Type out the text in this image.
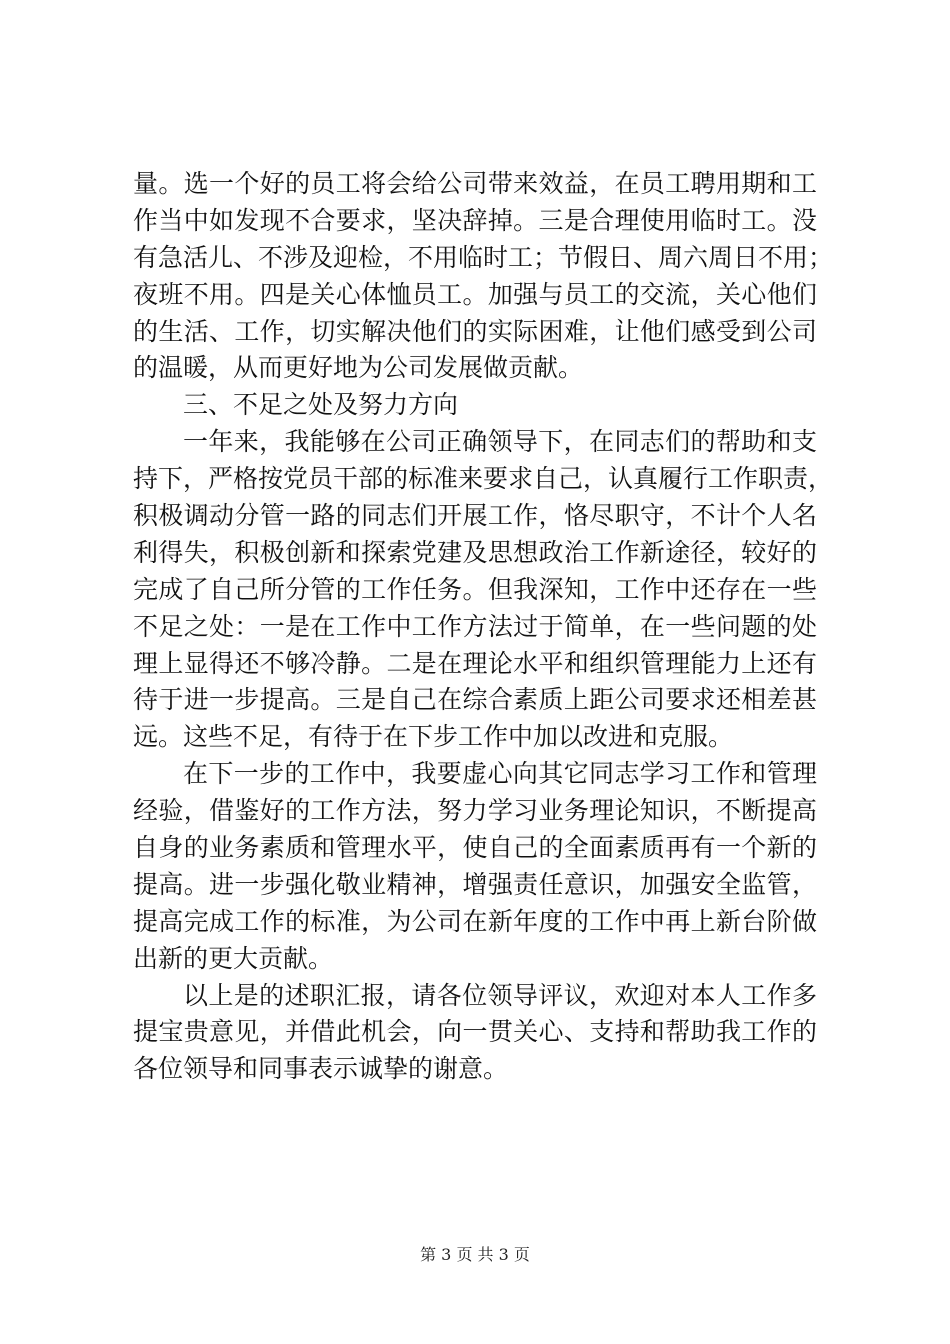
量。选一个好的员工将会给公司带来效益，在员工聘用期和工
作当中如发现不合要求，坚决辞掉。三是合理使用临时工。没
有急活儿、不涉及迎检，不用临时工；节假日、周六周日不用；
夜班不用。四是关心体恤员工。加强与员工的交流，关心他们
的生活、工作，切实解决他们的实际困难，让他们感受到公司
的温暖，从而更好地为公司发展做贡献。
三、不足之处及努力方向
一年来，我能够在公司正确领导下，在同志们的帮助和支
持下，严格按党员干部的标准来要求自己，认真履行工作职责，
积极调动分管一路的同志们开展工作，恪尽职守，不计个人名
利得失，积极创新和探索党建及思想政治工作新途径，较好的
完成了自己所分管的工作任务。但我深知，工作中还存在一些
不足之处：一是在工作中工作方法过于简单，在一些问题的处
理上显得还不够冷静。二是在理论水平和组织管理能力上还有
待于进一步提高。三是自己在综合素质上距公司要求还相差甚
远。这些不足，有待于在下步工作中加以改进和克服。
在下一步的工作中，我要虚心向其它同志学习工作和管理
经验，借鉴好的工作方法，努力学习业务理论知识，不断提高
自身的业务素质和管理水平，使自己的全面素质再有一个新的
提高。进一步强化敬业精神，增强责任意识，加强安全监管，
提高完成工作的标准，为公司在新年度的工作中再上新台阶做
出新的更大贡献。
以上是的述职汇报，请各位领导评议，欢迎对本人工作多
提宝贵意见，并借此机会，向一贯关心、支持和帮助我工作的
各位领导和同事表示诚挚的谢意。
第 3 页 共 3 页
